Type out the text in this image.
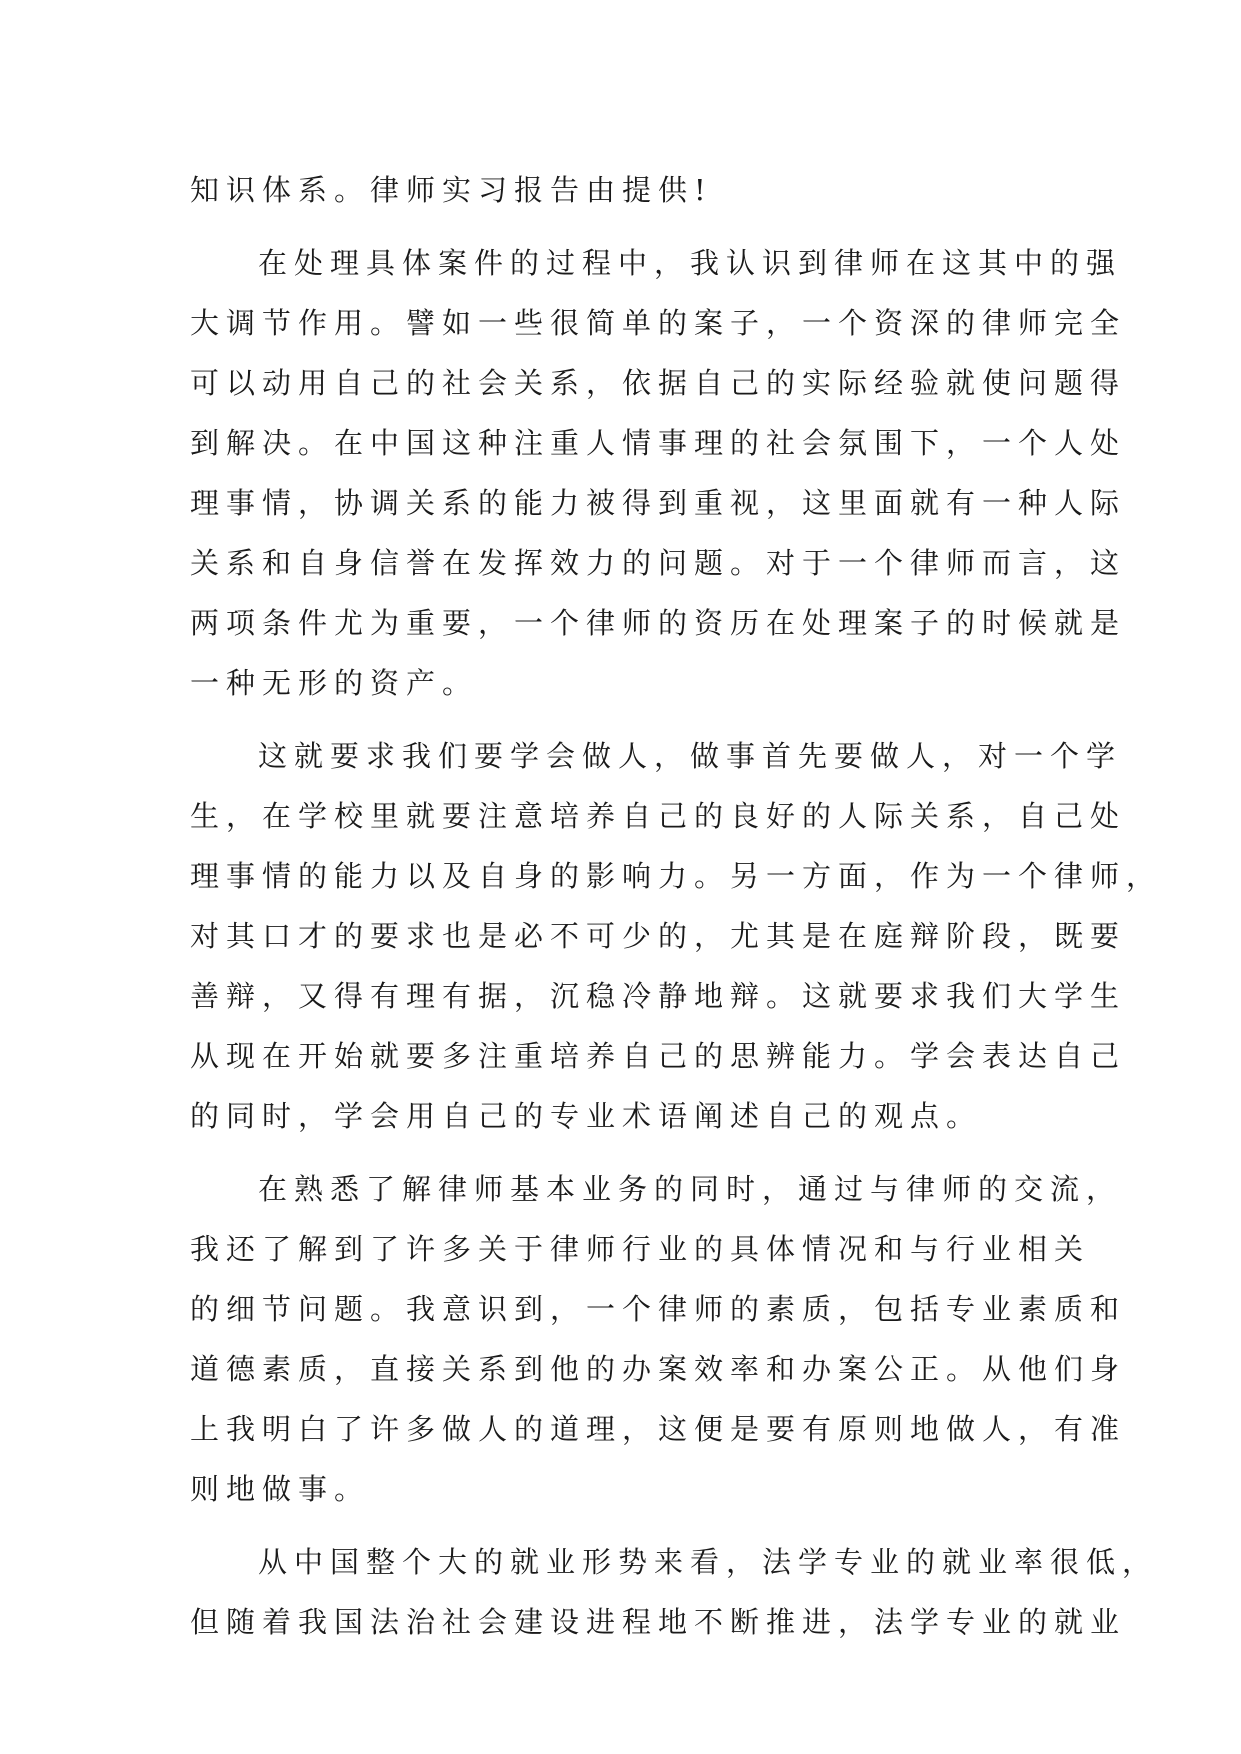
知识体系。律师实习报告由提供!
在处理具体案件的过程中，我认识到律师在这其中的强
大调节作用。譬如一些很简单的案子，一个资深的律师完全
可以动用自己的社会关系，依据自己的实际经验就使问题得
到解决。在中国这种注重人情事理的社会氛围下，一个人处
理事情，协调关系的能力被得到重视，这里面就有一种人际
关系和自身信誉在发挥效力的问题。对于一个律师而言，这
两项条件尤为重要，一个律师的资历在处理案子的时候就是
一种无形的资产。
这就要求我们要学会做人，做事首先要做人，对一个学
生，在学校里就要注意培养自己的良好的人际关系，自己处
理事情的能力以及自身的影响力。另一方面，作为一个律师，
对其口才的要求也是必不可少的，尤其是在庭辩阶段，既要
善辩，又得有理有据，沉稳冷静地辩。这就要求我们大学生
从现在开始就要多注重培养自己的思辨能力。学会表达自己
的同时，学会用自己的专业术语阐述自己的观点。
在熟悉了解律师基本业务的同时，通过与律师的交流，
我还了解到了许多关于律师行业的具体情况和与行业相关
的细节问题。我意识到，一个律师的素质，包括专业素质和
道德素质，直接关系到他的办案效率和办案公正。从他们身
上我明白了许多做人的道理，这便是要有原则地做人，有准
则地做事。
从中国整个大的就业形势来看，法学专业的就业率很低，
但随着我国法治社会建设进程地不断推进，法学专业的就业
